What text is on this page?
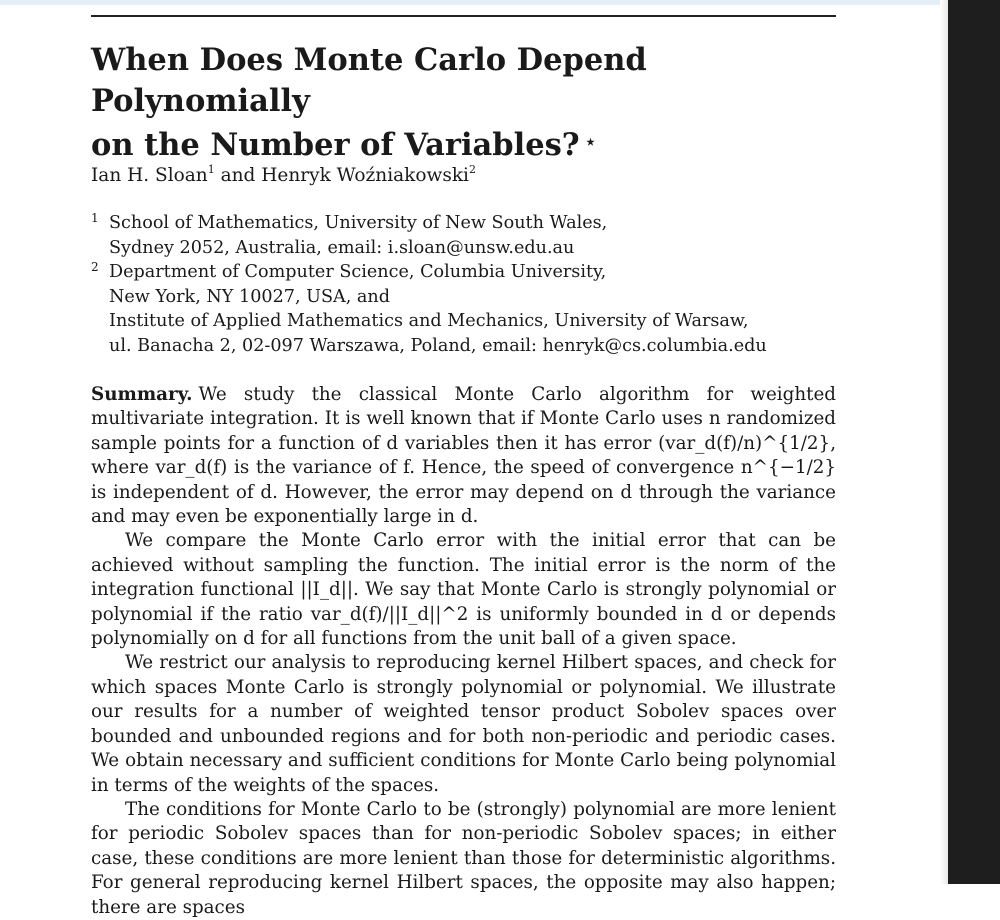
When Does Monte Carlo Depend Polynomially
on the Number of Variables? ⋆
Ian H. Sloan$^1$ and Henryk Woźniakowski$^2$
1 School of Mathematics, University of New South Wales,
Sydney 2052, Australia, email: i.sloan@unsw.edu.au
2 Department of Computer Science, Columbia University,
New York, NY 10027, USA, and
Institute of Applied Mathematics and Mechanics, University of Warsaw,
ul. Banacha 2, 02-097 Warszawa, Poland, email: henryk@cs.columbia.edu

Summary. We study the classical Monte Carlo algorithm for weighted multivariate integration. It is well known that if Monte Carlo uses n randomized sample points for a function of d variables then it has error (var_d(f)/n)^{1/2}, where var_d(f) is the variance of f. Hence, the speed of convergence n^{−1/2} is independent of d. However, the error may depend on d through the variance and may even be exponentially large in d.

We compare the Monte Carlo error with the initial error that can be achieved without sampling the function. The initial error is the norm of the integration functional ||I_d||. We say that Monte Carlo is strongly polynomial or polynomial if the ratio var_d(f)/||I_d||^2 is uniformly bounded in d or depends polynomially on d for all functions from the unit ball of a given space.

We restrict our analysis to reproducing kernel Hilbert spaces, and check for which spaces Monte Carlo is strongly polynomial or polynomial. We illustrate our results for a number of weighted tensor product Sobolev spaces over bounded and unbounded regions and for both non-periodic and periodic cases. We obtain necessary and sufficient conditions for Monte Carlo being polynomial in terms of the weights of the spaces.

The conditions for Monte Carlo to be (strongly) polynomial are more lenient for periodic Sobolev spaces than for non-periodic Sobolev spaces; in either case, these conditions are more lenient than those for deterministic algorithms. For general reproducing kernel Hilbert spaces, the opposite may also happen; there are spaces
